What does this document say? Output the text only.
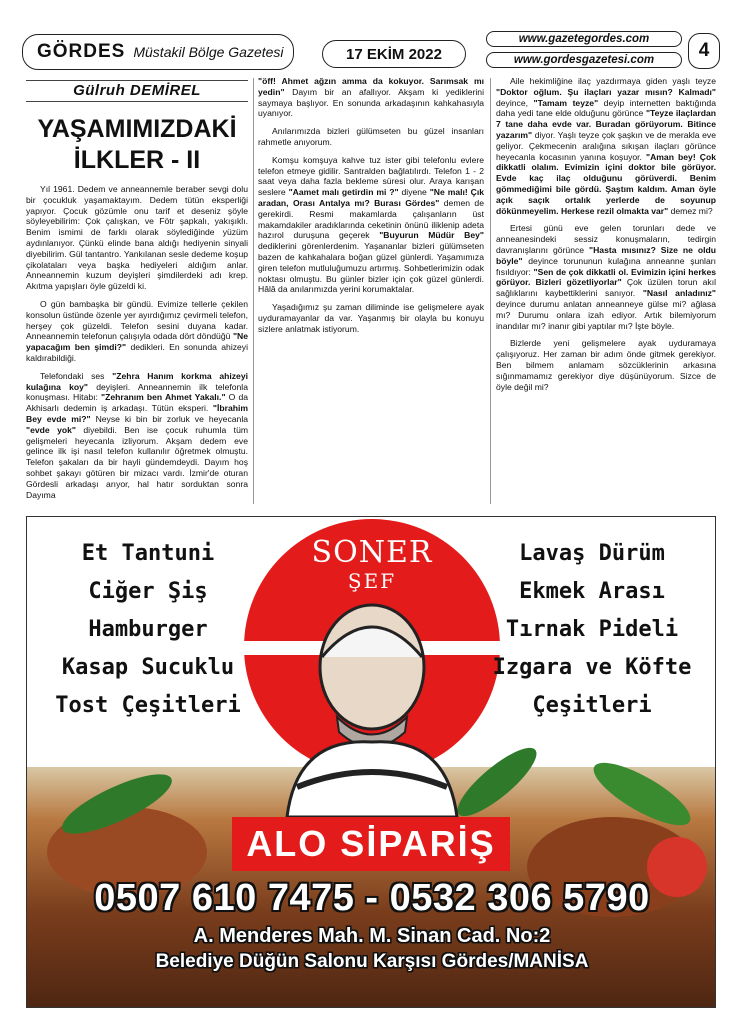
GÖRDES Müstakil Bölge Gazetesi	17 EKİM 2022
www.gazetegordes.com
www.gordesgazetesi.com	4
Gülruh DEMİREL
YAŞAMIMIZDAKİ
İLKLER - II

Yıl 1961. Dedem ve anneannemle beraber sevgi dolu bir çocukluk yaşamaktayım. Dedem tütün eksperliği yapıyor. Çocuk gözümle onu tarif et deseniz şöyle söyleyebilirim: Çok çalışkan, ve Fötr şapkalı, yakışıklı. Benim ismimi de farklı olarak söylediğinde yüzüm aydınlanıyor. Çünkü elinde bana aldığı hediyenin sinyali diyebilirim. Gül tantantro. Yankılanan sesle dedeme koşup çikolataları veya başka hediyeleri aldığım anlar. Anneannemin kuzum deyişleri şimdilerdeki adı krep. Akıtma yapışları öyle güzeldi ki.

O gün bambaşka bir gündü. Evimize tellerle çekilen konsolun üstünde özenle yer ayırdığımız çevirmeli telefon, herşey çok güzeldi. Telefon sesini duyana kadar. Anneannemin telefonun çalışıyla odada dört döndüğü "Ne yapacağım ben şimdi?" dedikleri. En sonunda ahizeyi kaldırabildiği.

Telefondaki ses "Zehra Hanım korkma ahizeyi kulağına koy" deyişleri. Anneannemin ilk telefonla konuşması. Hitabı: "Zehranım ben Ahmet Yakalı." O da Akhisarlı dedemin iş arkadaşı. Tütün eksperi. "İbrahim Bey evde mi?" Neyse ki bin bir zorluk ve heyecanla "evde yok" diyebildi. Ben ise çocuk ruhumla tüm gelişmeleri heyecanla izliyorum. Akşam dedem eve gelince ilk işi nasıl telefon kullanılır öğretmek olmuştu. Telefon şakaları da bir hayli gündemdeydi. Dayım hoş sohbet şakayı götüren bir mizacı vardı. İzmir'de oturan Gördesli arkadaşı arıyor, hal hatır sorduktan sonra Dayıma

"öff! Ahmet ağzın amma da kokuyor. Sarımsak mı yedin" Dayım bir an afallıyor. Akşam ki yediklerini saymaya başlıyor. En sonunda arkadaşının kahkahasıyla uyanıyor.

Anılarımızda bizleri gülümseten bu güzel insanları rahmetle anıyorum.

Komşu komşuya kahve tuz ister gibi telefonlu evlere telefon etmeye gidilir. Santralden bağlatılırdı. Telefon 1 - 2 saat veya daha fazla bekleme süresi olur. Araya karışan seslere "Aamet malı getirdin mi ?" diyene "Ne malı! Çık aradan, Orası Antalya mı? Burası Gördes" demen de gerekirdi. Resmi makamlarda çalışanların üst makamdakiler aradıklarında ceketinin önünü iliklenip adeta hazırol duruşuna geçerek "Buyurun Müdür Bey" dediklerini görenlerdenim. Yaşananlar bizleri gülümseten bazen de kahkahalara boğan güzel günlerdi. Yaşamımıza giren telefon mutluluğumuzu artırmış. Sohbetlerimizin odak noktası olmuştu. Bu günler bizler için çok güzel günlerdi. Hâlâ da anılarımızda yerini korumaktalar.

Yaşadığımız şu zaman diliminde ise gelişmelere ayak uyduramayanlar da var. Yaşanmış bir olayla bu konuyu sizlere anlatmak istiyorum.

Aile hekimliğine ilaç yazdırmaya giden yaşlı teyze "Doktor oğlum. Şu ilaçları yazar mısın? Kalmadı" deyince, "Tamam teyze" deyip internetten baktığında daha yedi tane elde olduğunu görünce "Teyze ilaçlardan 7 tane daha evde var. Buradan görüyorum. Bitince yazarım" diyor. Yaşlı teyze çok şaşkın ve de merakla eve geliyor. Çekmecenin aralığına sıkışan ilaçları görünce heyecanla kocasının yanına koşuyor. "Aman bey! Çok dikkatli olalım. Evimizin içini doktor bile görüyor. Evde kaç ilaç olduğunu görüverdi. Benim gömmediğimi bile gördü. Şaştım kaldım. Aman öyle açık saçık ortalık yerlerde de soyunup dökünmeyelim. Herkese rezil olmakta var" demez mi?

Ertesi günü eve gelen torunları dede ve anneanesindeki sessiz konuşmaların, tedirgin davranışlarını görünce "Hasta mısınız? Size ne oldu böyle" deyince torununun kulağına anneanne şunları fısıldıyor: "Sen de çok dikkatli ol. Evimizin içini herkes görüyor. Bizleri gözetliyorlar" Çok üzülen torun akıl sağlıklarını kaybettiklerini sanıyor. "Nasıl anladınız" deyince durumu anlatan anneanneye gülse mi? ağlasa mı? Durumu onlara izah ediyor. Artık bilemiyorum inandılar mı? inanır gibi yaptılar mı? İşte böyle.

Bizlerde yeni gelişmelere ayak uyduramaya çalışıyoruz. Her zaman bir adım önde gitmek gerekiyor. Ben bilmem anlamam sözcüklerinin arkasına sığınmamamız gerekiyor diye düşünüyorum. Sizce de öyle değil mi?

SONER
ŞEF
Et Tantuni
Ciğer Şiş
Hamburger
Kasap Sucuklu
Tost Çeşitleri
Lavaş Dürüm
Ekmek Arası
Tırnak Pideli
Izgara ve Köfte
Çeşitleri
ALO SİPARİŞ
0507 610 7475 - 0532 306 5790
A. Menderes Mah. M. Sinan Cad. No:2
Belediye Düğün Salonu Karşısı Gördes/MANİSA
